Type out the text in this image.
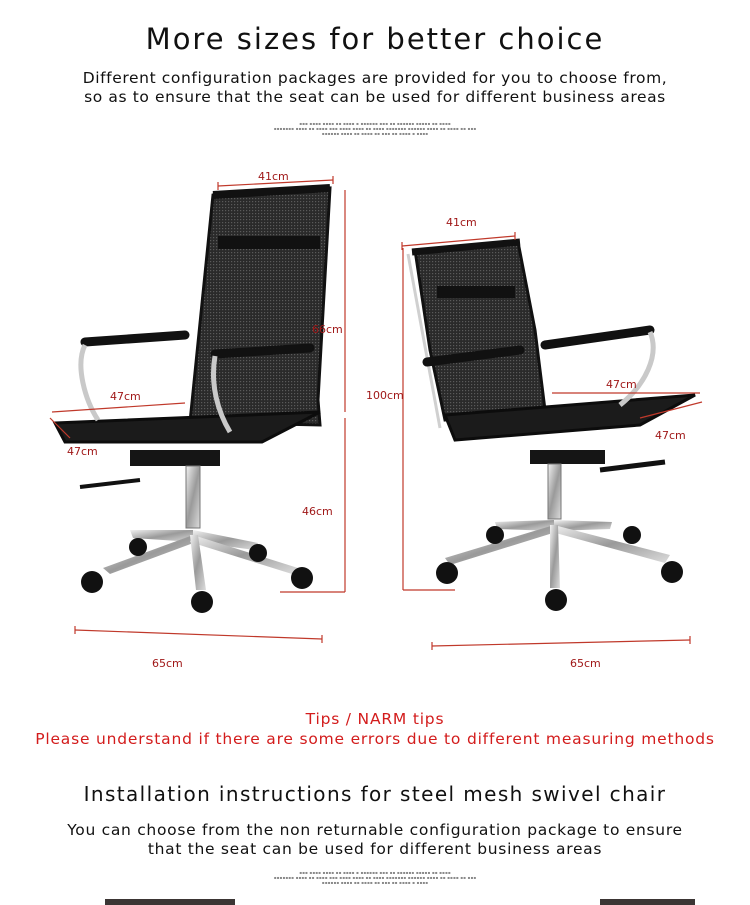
More sizes for better choice
Different configuration packages are provided for you to choose from,
so as to ensure that the seat can be used for different business areas
▪▪▪ ▪▪▪▪ ▪▪▪▪ ▪▪ ▪▪▪▪ ▪ ▪▪▪▪▪▪ ▪▪▪ ▪▪ ▪▪▪▪▪▪ ▪▪▪▪▪ ▪▪ ▪▪▪▪
▪▪▪▪▪▪▪ ▪▪▪▪ ▪▪ ▪▪▪▪ ▪▪▪ ▪▪▪▪ ▪▪▪▪ ▪▪ ▪▪▪▪ ▪▪▪▪▪▪▪ ▪▪▪▪▪▪ ▪▪▪▪ ▪▪ ▪▪▪▪ ▪▪ ▪▪▪
▪▪▪▪▪▪ ▪▪▪▪ ▪▪ ▪▪▪▪ ▪▪ ▪▪▪ ▪▪ ▪▪▪▪ ▪ ▪▪▪▪
41cm
66cm
47cm
47cm
46cm
65cm
41cm
100cm
47cm
47cm
65cm
Tips / NARM tips
Please understand if there are some errors due to different measuring methods
Installation instructions for steel mesh swivel chair
You can choose from the non returnable configuration package to ensure
that the seat can be used for different business areas
▪▪▪ ▪▪▪▪ ▪▪▪▪ ▪▪ ▪▪▪▪ ▪ ▪▪▪▪▪▪ ▪▪▪ ▪▪ ▪▪▪▪▪▪ ▪▪▪▪▪ ▪▪ ▪▪▪▪
▪▪▪▪▪▪▪ ▪▪▪▪ ▪▪ ▪▪▪▪ ▪▪▪ ▪▪▪▪ ▪▪▪▪ ▪▪ ▪▪▪▪ ▪▪▪▪▪▪▪ ▪▪▪▪▪▪ ▪▪▪▪ ▪▪ ▪▪▪▪ ▪▪ ▪▪▪
▪▪▪▪▪▪ ▪▪▪▪ ▪▪ ▪▪▪▪ ▪▪ ▪▪▪ ▪▪ ▪▪▪▪ ▪ ▪▪▪▪
